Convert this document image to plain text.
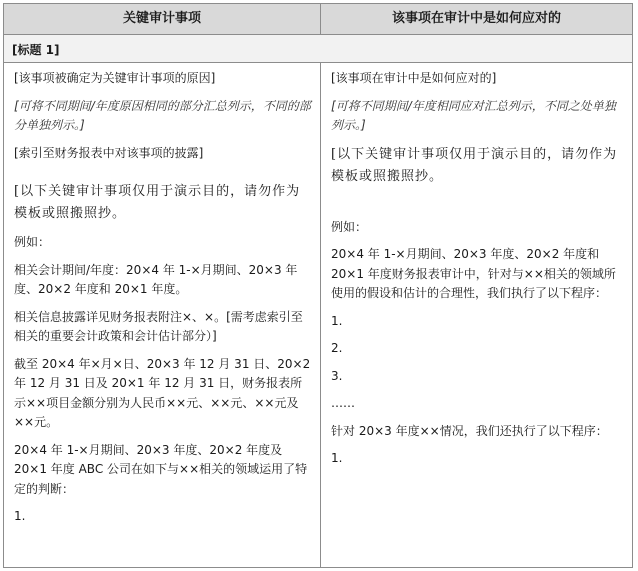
关键审计事项	该事项在审计中是如何应对的
[标题 1]

[该事项被确定为关键审计事项的原因]

[可将不同期间/年度原因相同的部分汇总列示，不同的部分单独列示。]

[索引至财务报表中对该事项的披露]

[以下关键审计事项仅用于演示目的，请勿作为模板或照搬照抄。

例如：

相关会计期间/年度：20×4 年 1-×月期间、20×3 年度、20×2 年度和 20×1 年度。

相关信息披露详见财务报表附注×、×。[需考虑索引至相关的重要会计政策和会计估计部分）]

截至 20×4 年×月×日、20×3 年 12 月 31 日、20×2 年 12 月 31 日及 20×1 年 12 月 31 日，财务报表所示××项目金额分别为人民币××元、××元、××元及××元。

20×4 年 1-×月期间、20×3 年度、20×2 年度及 20×1 年度 ABC 公司在如下与××相关的领域运用了特定的判断：

1.

[该事项在审计中是如何应对的]

[可将不同期间/年度相同应对汇总列示，不同之处单独列示。]

[以下关键审计事项仅用于演示目的，请勿作为模板或照搬照抄。

例如：

20×4 年 1-×月期间、20×3 年度、20×2 年度和 20×1 年度财务报表审计中，针对与××相关的领域所使用的假设和估计的合理性，我们执行了以下程序：

1.

2.

3.

……

针对 20×3 年度××情况，我们还执行了以下程序：

1.
